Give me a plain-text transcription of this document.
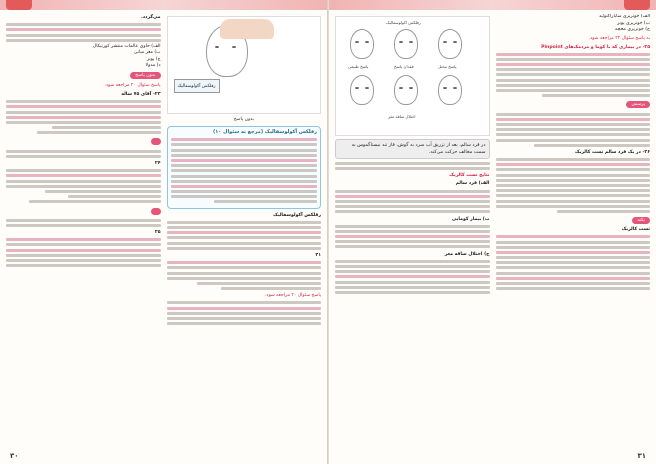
می‌گردد.

الف) حاوی عالمات منتشر کورتیکال
ب) مغز میانی
ج) پونز
د) مدولا
بدون پاسخ
پاسخ سئوال ۲۰ مراجعه شود.

۲۳- آقای ۷۵ ساله

۲۴

۲۵

رفلکس آکولوسفالیک
بدون پاسخ
رفلکس آکولوسفالیک (مرجع به سئوال ۱۰)

رفلکس آکولوسفالیک

۳۱

پاسخ سئوال ۲۰ مراجعه شود.
۳۰
الف) خونریزی سابارآکنوئید
ب) خونریزی پونز
ج) خونریزی مخچه
به پاسخ سئوال ۲۲ مراجعه شود.

۲۵- در بیماری که با کوما و مردمک‌های Pinpoint

پرسش

۲۶- در یک فرد سالم تست کالریک

نکته

تست کالریک

رفلکس اکولوسفالیک
پاسخ طبیعی	فقدان پاسخ	پاسخ مختل
اختلال ساقه مغز
در فرد سالم، بعد از تزریق آب سرد به گوش، فاز تند نیستاگموس به سمت مخالف حرکت می‌کند.

نتایج تست کالریک

الف) فرد سالم

ب) بیمار کومایی

ج) اختلال ساقه مغز

۳۱
